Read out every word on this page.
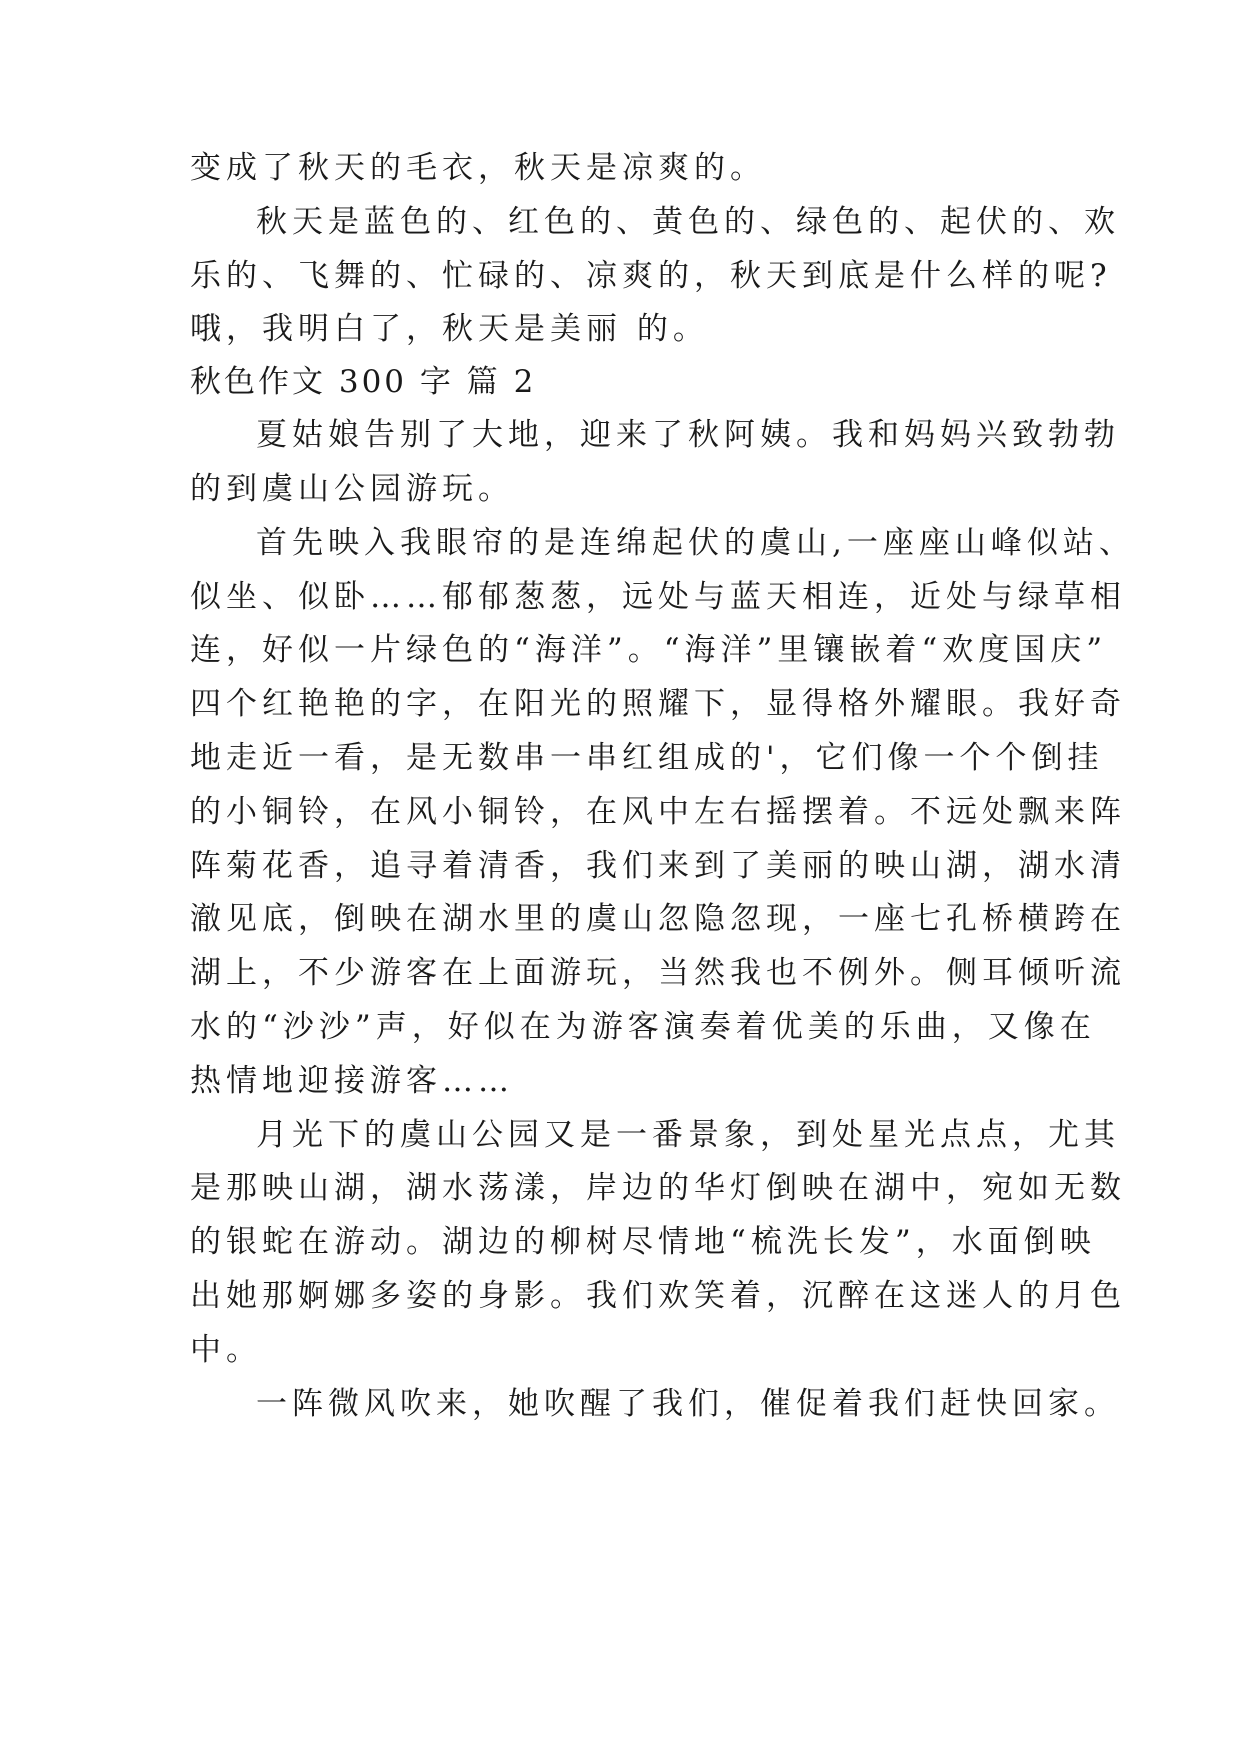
变成了秋天的毛衣，秋天是凉爽的。
秋天是蓝色的、红色的、黄色的、绿色的、起伏的、欢
乐的、飞舞的、忙碌的、凉爽的，秋天到底是什么样的呢?
哦，我明白了，秋天是美丽 的。
秋色作文 300 字 篇 2
夏姑娘告别了大地，迎来了秋阿姨。我和妈妈兴致勃勃
的到虞山公园游玩。
首先映入我眼帘的是连绵起伏的虞山,一座座山峰似站、
似坐、似卧……郁郁葱葱，远处与蓝天相连，近处与绿草相
连，好似一片绿色的“海洋”。“海洋”里镶嵌着“欢度国庆”
四个红艳艳的字，在阳光的照耀下，显得格外耀眼。我好奇
地走近一看，是无数串一串红组成的'，它们像一个个倒挂
的小铜铃，在风小铜铃，在风中左右摇摆着。不远处飘来阵
阵菊花香，追寻着清香，我们来到了美丽的映山湖，湖水清
澈见底，倒映在湖水里的虞山忽隐忽现，一座七孔桥横跨在
湖上，不少游客在上面游玩，当然我也不例外。侧耳倾听流
水的“沙沙”声，好似在为游客演奏着优美的乐曲，又像在
热情地迎接游客……
月光下的虞山公园又是一番景象，到处星光点点，尤其
是那映山湖，湖水荡漾，岸边的华灯倒映在湖中，宛如无数
的银蛇在游动。湖边的柳树尽情地“梳洗长发”，水面倒映
出她那婀娜多姿的身影。我们欢笑着，沉醉在这迷人的月色
中。
一阵微风吹来，她吹醒了我们，催促着我们赶快回家。
